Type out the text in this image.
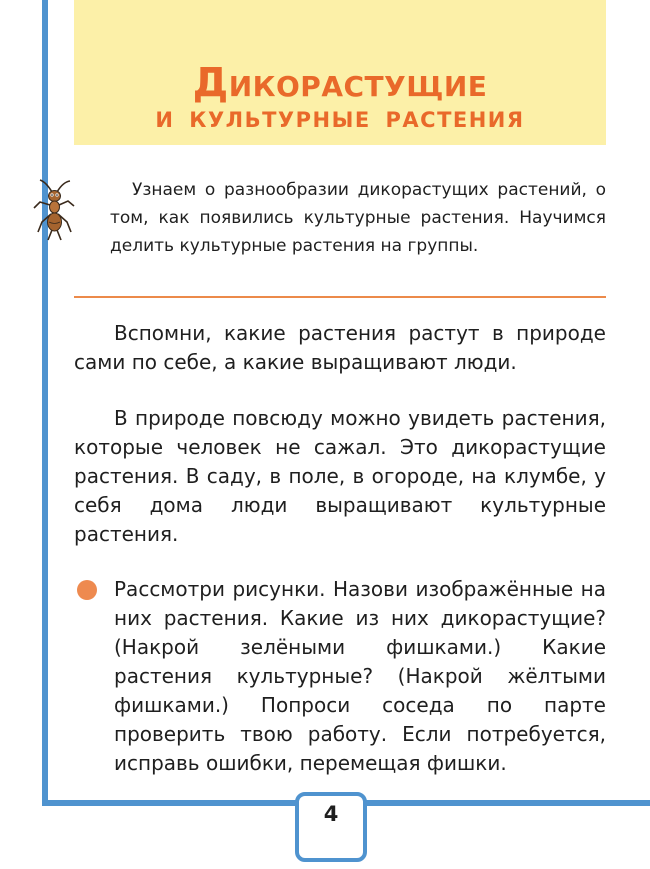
ДИКОРАСТУЩИЕ
И КУЛЬТУРНЫЕ РАСТЕНИЯ

Узнаем о разнообразии дикорастущих растений, о том, как появились культурные растения. Научимся делить культурные растения на группы.

Вспомни, какие растения растут в природе сами по себе, а какие выращивают люди.

В природе повсюду можно увидеть растения, которые человек не сажал. Это дикорастущие растения. В саду, в поле, в огороде, на клумбе, у себя дома люди выращивают культурные растения.

Рассмотри рисунки. Назови изображённые на них растения. Какие из них дикорастущие? (Накрой зелёными фишками.) Какие растения культурные? (Накрой жёлтыми фишками.) Попроси соседа по парте проверить твою работу. Если потребуется, исправь ошибки, перемещая фишки.

4
